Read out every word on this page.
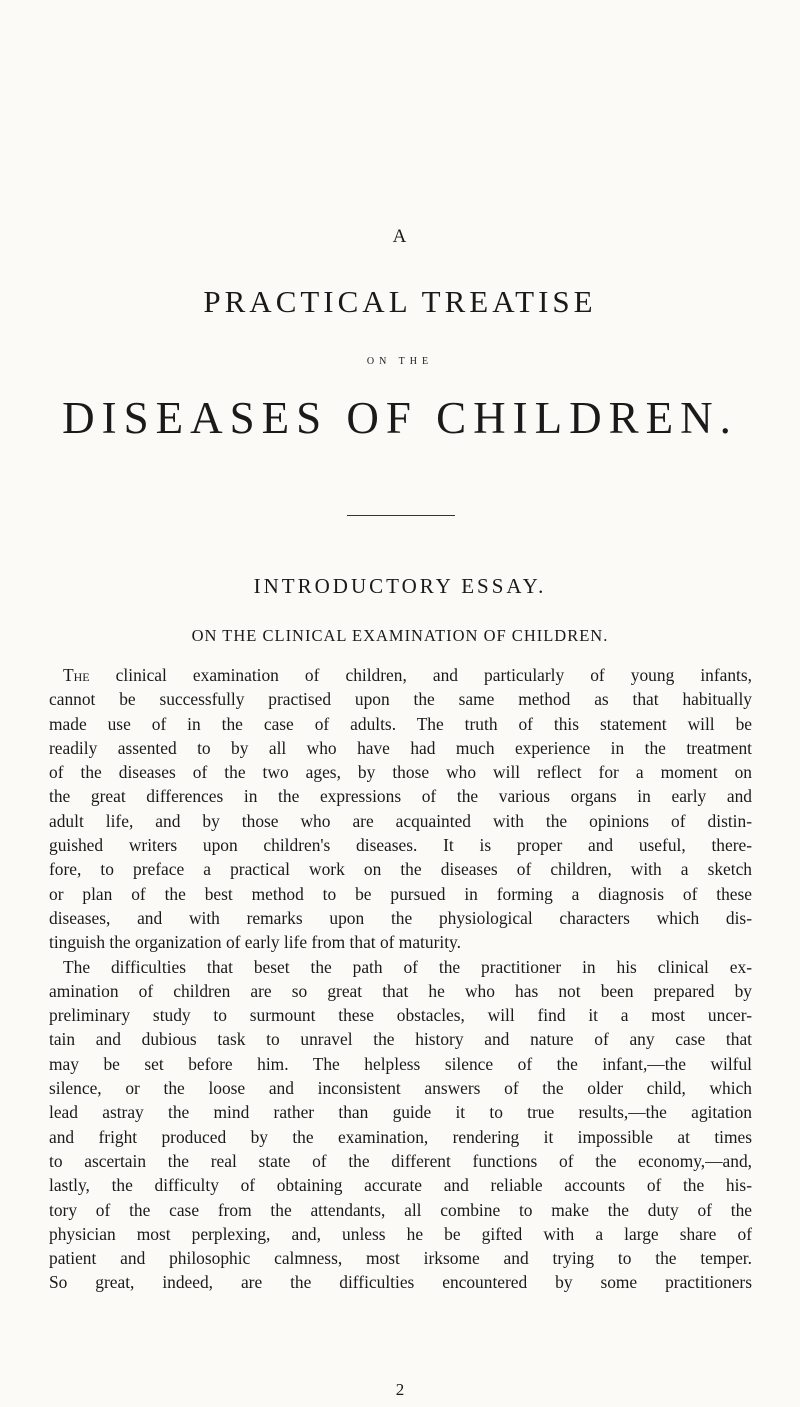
A
PRACTICAL TREATISE
ON THE
DISEASES OF CHILDREN.
INTRODUCTORY ESSAY.
ON THE CLINICAL EXAMINATION OF CHILDREN.
The clinical examination of children, and particularly of young infants,
cannot be successfully practised upon the same method as that habitually
made use of in the case of adults. The truth of this statement will be
readily assented to by all who have had much experience in the treatment
of the diseases of the two ages, by those who will reflect for a moment on
the great differences in the expressions of the various organs in early and
adult life, and by those who are acquainted with the opinions of distin-
guished writers upon children's diseases. It is proper and useful, there-
fore, to preface a practical work on the diseases of children, with a sketch
or plan of the best method to be pursued in forming a diagnosis of these
diseases, and with remarks upon the physiological characters which dis-
tinguish the organization of early life from that of maturity.
The difficulties that beset the path of the practitioner in his clinical ex-
amination of children are so great that he who has not been prepared by
preliminary study to surmount these obstacles, will find it a most uncer-
tain and dubious task to unravel the history and nature of any case that
may be set before him. The helpless silence of the infant,—the wilful
silence, or the loose and inconsistent answers of the older child, which
lead astray the mind rather than guide it to true results,—the agitation
and fright produced by the examination, rendering it impossible at times
to ascertain the real state of the different functions of the economy,—and,
lastly, the difficulty of obtaining accurate and reliable accounts of the his-
tory of the case from the attendants, all combine to make the duty of the
physician most perplexing, and, unless he be gifted with a large share of
patient and philosophic calmness, most irksome and trying to the temper.
So great, indeed, are the difficulties encountered by some practitioners
2
